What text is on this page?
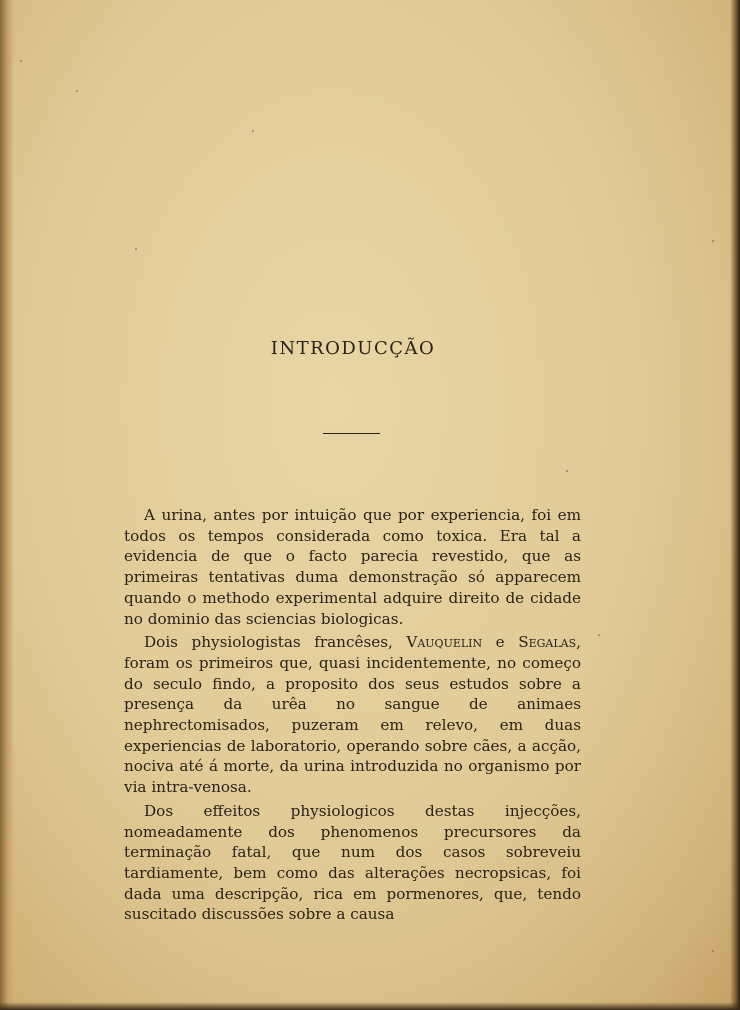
INTRODUCÇÃO

A urina, antes por intuição que por experiencia, foi em todos os tempos considerada como toxica. Era tal a evidencia de que o facto parecia revestido, que as primeiras tentativas duma demonstração só apparecem quando o methodo experimental adquire direito de cidade no dominio das sciencias biologicas.

Dois physiologistas francêses, Vauquelin e Segalas, foram os primeiros que, quasi incidentemente, no começo do seculo findo, a proposito dos seus estudos sobre a presença da urêa no sangue de animaes nephrectomisados, puzeram em relevo, em duas experiencias de laboratorio, operando sobre cães, a acção, nociva até á morte, da urina introduzida no organismo por via intra-venosa.

Dos effeitos physiologicos destas injecções, nomeadamente dos phenomenos precursores da terminação fatal, que num dos casos sobreveiu tardiamente, bem como das alterações necropsicas, foi dada uma descripção, rica em pormenores, que, tendo suscitado discussões sobre a causa
